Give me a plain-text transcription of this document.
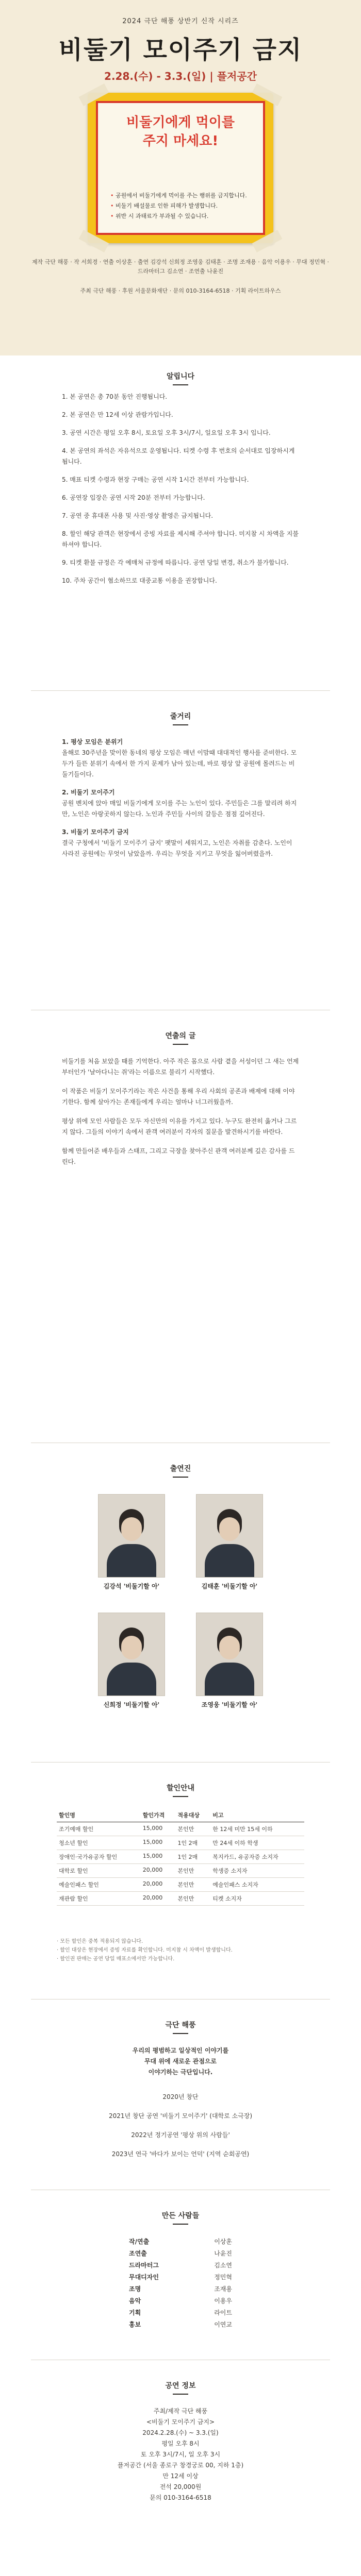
2024 극단 해풍 상반기 신작 시리즈
비둘기 모이주기 금지
2.28.(수) - 3.3.(일) | 플저공간
비둘기에게 먹이를
주지 마세요!
• 공원에서 비둘기에게 먹이를 주는 행위를 금지합니다.
• 비둘기 배설물로 인한 피해가 발생합니다.
• 위반 시 과태료가 부과될 수 있습니다.
제작 극단 해풍 · 작 서희경 · 연출 이상훈 · 출연 김강석 신희정 조영웅 김태훈 · 조명 조재용 · 음악 이용우 · 무대 정민혁 · 드라마터그 김소연 · 조연출 나윤진
주최 극단 해풍 · 후원 서울문화재단 · 문의 010-3164-6518 · 기획 라이트하우스
알립니다
1. 본 공연은 총 70분 동안 진행됩니다.
2. 본 공연은 만 12세 이상 관람가입니다.
3. 공연 시간은 평일 오후 8시, 토요일 오후 3시/7시, 일요일 오후 3시 입니다.
4. 본 공연의 좌석은 자유석으로 운영됩니다. 티켓 수령 후 번호의 순서대로 입장하시게 됩니다.
5. 매표 티켓 수령과 현장 구매는 공연 시작 1시간 전부터 가능합니다.
6. 공연장 입장은 공연 시작 20분 전부터 가능합니다.
7. 공연 중 휴대폰 사용 및 사진·영상 촬영은 금지됩니다.
8. 할인 해당 관객은 현장에서 증빙 자료를 제시해 주셔야 합니다. 미지참 시 차액을 지불하셔야 합니다.
9. 티켓 환불 규정은 각 예매처 규정에 따릅니다. 공연 당일 변경, 취소가 불가합니다.
10. 주차 공간이 협소하므로 대중교통 이용을 권장합니다.
줄거리
1. 평상 모임은 분위기
올해로 30주년을 맞이한 동네의 평상 모임은 매년 이맘때 대대적인 행사를 준비한다. 모두가 들뜬 분위기 속에서 한 가지 문제가 남아 있는데, 바로 평상 앞 공원에 몰려드는 비둘기들이다.
2. 비둘기 모이주기
공원 벤치에 앉아 매일 비둘기에게 모이를 주는 노인이 있다. 주민들은 그를 말리려 하지만, 노인은 아랑곳하지 않는다. 노인과 주민들 사이의 갈등은 점점 깊어진다.
3. 비둘기 모이주기 금지
결국 구청에서 '비둘기 모이주기 금지' 팻말이 세워지고, 노인은 자취를 감춘다. 노인이 사라진 공원에는 무엇이 남았을까. 우리는 무엇을 지키고 무엇을 잃어버렸을까.
연출의 글
비둘기를 처음 보았을 때를 기억한다. 아주 작은 몸으로 사람 곁을 서성이던 그 새는 언제부터인가 '날아다니는 쥐'라는 이름으로 불리기 시작했다.
이 작품은 비둘기 모이주기라는 작은 사건을 통해 우리 사회의 공존과 배제에 대해 이야기한다. 함께 살아가는 존재들에게 우리는 얼마나 너그러웠을까.
평상 위에 모인 사람들은 모두 자신만의 이유를 가지고 있다. 누구도 완전히 옳거나 그르지 않다. 그들의 이야기 속에서 관객 여러분이 각자의 질문을 발견하시기를 바란다.
함께 만들어준 배우들과 스태프, 그리고 극장을 찾아주신 관객 여러분께 깊은 감사를 드린다.
출연진
김강석 '비둘기할 아'	김태훈 '비둘기할 아'
신희정 '비둘기할 아'	조영웅 '비둘기할 아'
할인안내
할인명	할인가격	적용대상	비고
조기예매 할인	15,000	본인만	한 12세 미만 15세 이하
청소년 할인	15,000	1인 2매	만 24세 이하 학생
장애인·국가유공자 할인	15,000	1인 2매	복지카드, 유공자증 소지자
대학로 할인	20,000	본인만	학생증 소지자
예술인패스 할인	20,000	본인만	예술인패스 소지자
재관람 할인	20,000	본인만	티켓 소지자
· 모든 할인은 중복 적용되지 않습니다.
· 할인 대상은 현장에서 증빙 자료를 확인합니다. 미지참 시 차액이 발생합니다.
· 할인권 판매는 공연 당일 매표소에서만 가능합니다.
극단 해풍
우리의 평범하고 일상적인 이야기를
무대 위에 새로운 관점으로
이야기하는 극단입니다.
2020년 창단
2021년 창단 공연 '비둘기 모이주기' (대학로 소극장)
2022년 정기공연 '평상 위의 사람들'
2023년 연극 '바다가 보이는 언덕' (지역 순회공연)
만든 사람들
작/연출	이상훈
조연출	나윤진
드라마터그	김소연
무대디자인	정민혁
조명	조재용
음악	이용우
기획	라이트
홍보	이연교
공연 정보
주최/제작 극단 해풍
<비둘기 모이주기 금지>
2024.2.28.(수) ~ 3.3.(일)
평일 오후 8시
토 오후 3시/7시, 일 오후 3시
플저공간 (서울 종로구 창경궁로 00, 지하 1층)
만 12세 이상
전석 20,000원
문의 010-3164-6518
